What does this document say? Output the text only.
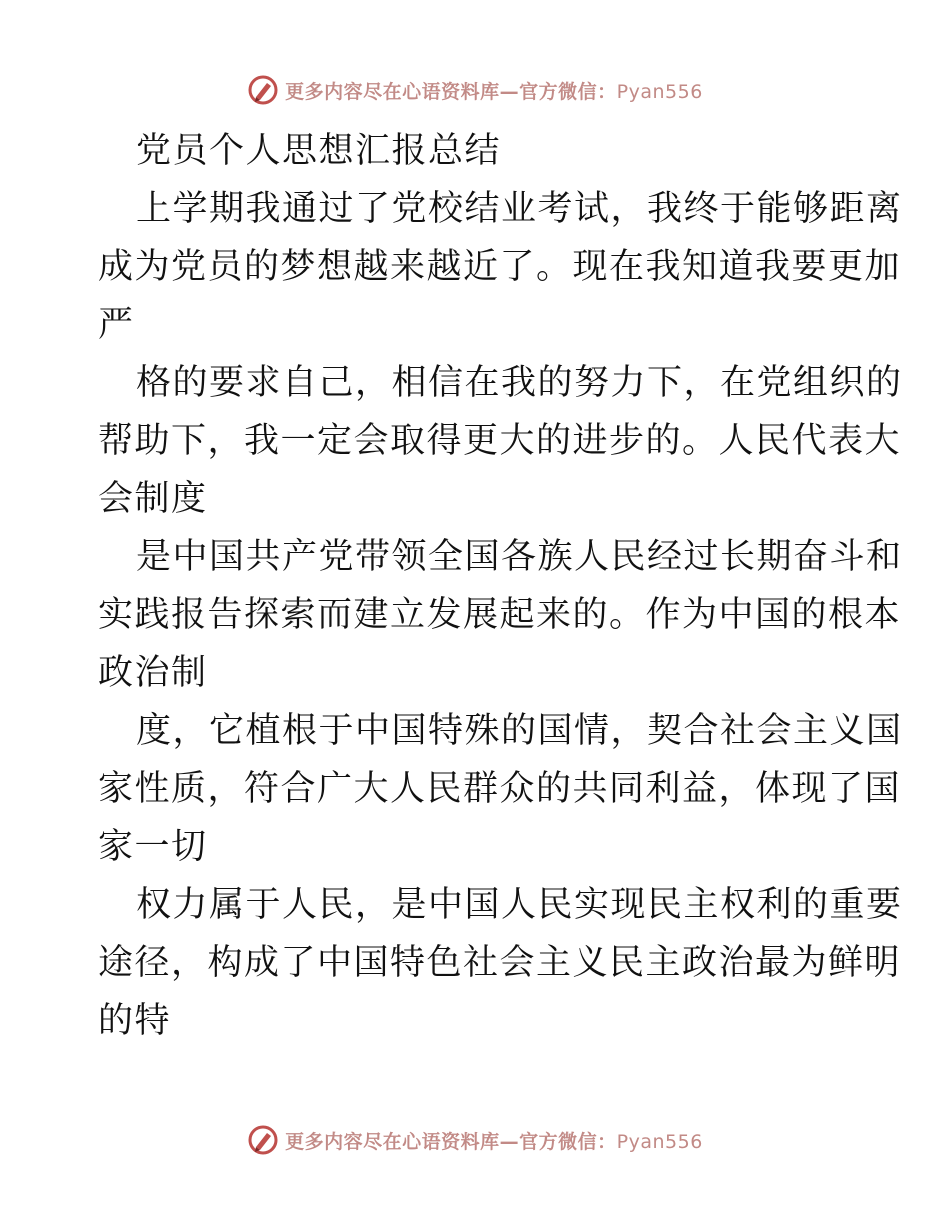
更多内容尽在心语资料库—官方微信：Pyan556
党员个人思想汇报总结
上学期我通过了党校结业考试，我终于能够距离
成为党员的梦想越来越近了。现在我知道我要更加
严
格的要求自己，相信在我的努力下，在党组织的
帮助下，我一定会取得更大的进步的。人民代表大
会制度
是中国共产党带领全国各族人民经过长期奋斗和
实践报告探索而建立发展起来的。作为中国的根本
政治制
度，它植根于中国特殊的国情，契合社会主义国
家性质，符合广大人民群众的共同利益，体现了国
家一切
权力属于人民，是中国人民实现民主权利的重要
途径，构成了中国特色社会主义民主政治最为鲜明
的特
更多内容尽在心语资料库—官方微信：Pyan556
